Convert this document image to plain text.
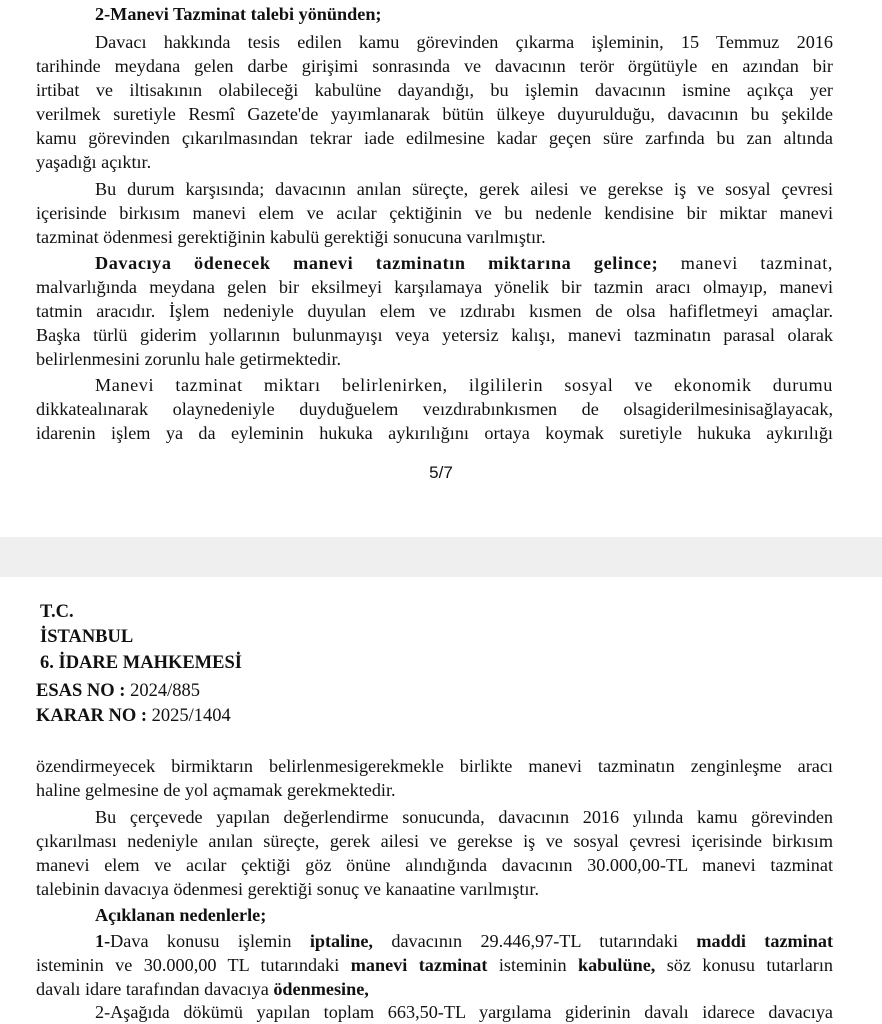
2-Manevi Tazminat talebi yönünden;
Davacı hakkında tesis edilen kamu görevinden çıkarma işleminin, 15 Temmuz 2016
tarihinde meydana gelen darbe girişimi sonrasında ve davacının terör örgütüyle en azından bir
irtibat ve iltisakının olabileceği kabulüne dayandığı, bu işlemin davacının ismine açıkça yer
verilmek suretiyle Resmî Gazete'de yayımlanarak bütün ülkeye duyurulduğu, davacının bu şekilde
kamu görevinden çıkarılmasından tekrar iade edilmesine kadar geçen süre zarfında bu zan altında
yaşadığı açıktır.
Bu durum karşısında; davacının anılan süreçte, gerek ailesi ve gerekse iş ve sosyal çevresi
içerisinde birkısım manevi elem ve acılar çektiğinin ve bu nedenle kendisine bir miktar manevi
tazminat ödenmesi gerektiğinin kabulü gerektiği sonucuna varılmıştır.
Davacıya ödenecek manevi tazminatın miktarına gelince; manevi tazminat,
malvarlığında meydana gelen bir eksilmeyi karşılamaya yönelik bir tazmin aracı olmayıp, manevi
tatmin aracıdır. İşlem nedeniyle duyulan elem ve ızdırabı kısmen de olsa hafifletmeyi amaçlar.
Başka türlü giderim yollarının bulunmayışı veya yetersiz kalışı, manevi tazminatın parasal olarak
belirlenmesini zorunlu hale getirmektedir.
Manevi tazminat miktarı belirlenirken, ilgililerin sosyal ve ekonomik durumu
dikkatealınarak olaynedeniyle duyduğuelem veızdırabınkısmen de olsagiderilmesinisağlayacak,
idarenin işlem ya da eyleminin hukuka aykırılığını ortaya koymak suretiyle hukuka aykırılığı
5/7
T.C.
İSTANBUL
6. İDARE MAHKEMESİ
ESAS NO : 2024/885
KARAR NO : 2025/1404
özendirmeyecek birmiktarın belirlenmesigerekmekle birlikte manevi tazminatın zenginleşme aracı
haline gelmesine de yol açmamak gerekmektedir.
Bu çerçevede yapılan değerlendirme sonucunda, davacının 2016 yılında kamu görevinden
çıkarılması nedeniyle anılan süreçte, gerek ailesi ve gerekse iş ve sosyal çevresi içerisinde birkısım
manevi elem ve acılar çektiği göz önüne alındığında davacının 30.000,00-TL manevi tazminat
talebinin davacıya ödenmesi gerektiği sonuç ve kanaatine varılmıştır.
Açıklanan nedenlerle;
1-Dava konusu işlemin iptaline, davacının 29.446,97-TL tutarındaki maddi tazminat
isteminin ve 30.000,00 TL tutarındaki manevi tazminat isteminin kabulüne, söz konusu tutarların
davalı idare tarafından davacıya ödenmesine,
2-Aşağıda dökümü yapılan toplam 663,50-TL yargılama giderinin davalı idarece davacıya
